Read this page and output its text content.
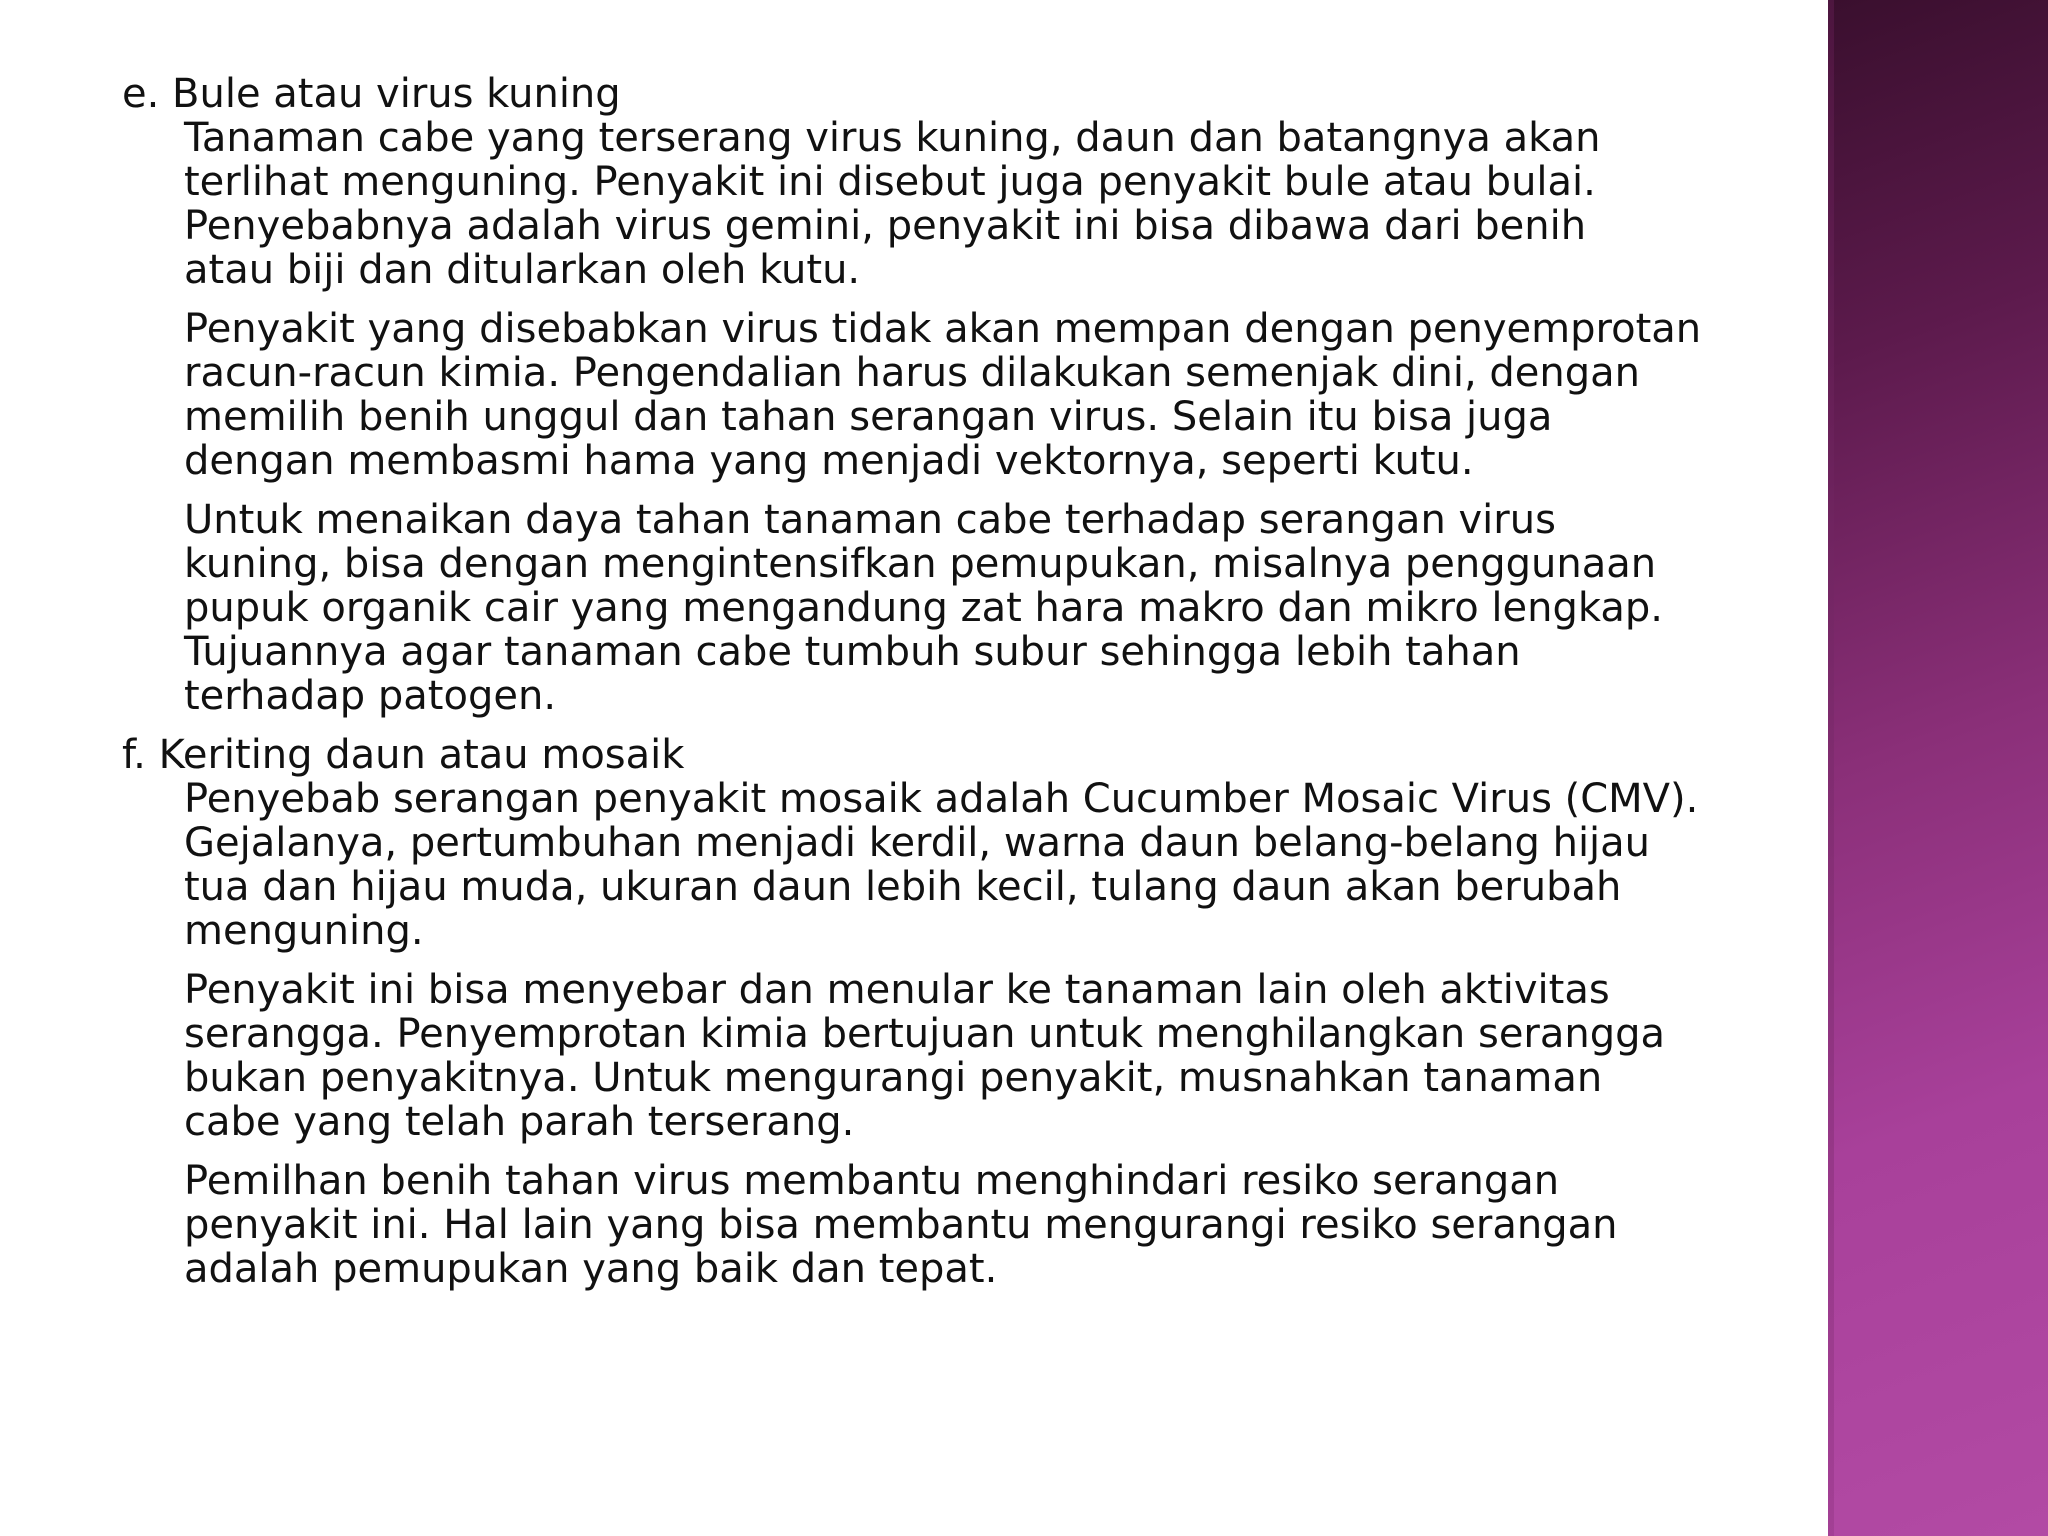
e. Bule atau virus kuning

Tanaman cabe yang terserang virus kuning, daun dan batangnya akan
terlihat menguning. Penyakit ini disebut juga penyakit bule atau bulai.
Penyebabnya adalah virus gemini, penyakit ini bisa dibawa dari benih
atau biji dan ditularkan oleh kutu.

Penyakit yang disebabkan virus tidak akan mempan dengan penyemprotan
racun-racun kimia. Pengendalian harus dilakukan semenjak dini, dengan
memilih benih unggul dan tahan serangan virus. Selain itu bisa juga
dengan membasmi hama yang menjadi vektornya, seperti kutu.

Untuk menaikan daya tahan tanaman cabe terhadap serangan virus
kuning, bisa dengan mengintensifkan pemupukan, misalnya penggunaan
pupuk organik cair yang mengandung zat hara makro dan mikro lengkap.
Tujuannya agar tanaman cabe tumbuh subur sehingga lebih tahan
terhadap patogen.

f. Keriting daun atau mosaik

Penyebab serangan penyakit mosaik adalah Cucumber Mosaic Virus (CMV).
Gejalanya, pertumbuhan menjadi kerdil, warna daun belang-belang hijau
tua dan hijau muda, ukuran daun lebih kecil, tulang daun akan berubah
menguning.

Penyakit ini bisa menyebar dan menular ke tanaman lain oleh aktivitas
serangga. Penyemprotan kimia bertujuan untuk menghilangkan serangga
bukan penyakitnya. Untuk mengurangi penyakit, musnahkan tanaman
cabe yang telah parah terserang.

Pemilhan benih tahan virus membantu menghindari resiko serangan
penyakit ini. Hal lain yang bisa membantu mengurangi resiko serangan
adalah pemupukan yang baik dan tepat.
